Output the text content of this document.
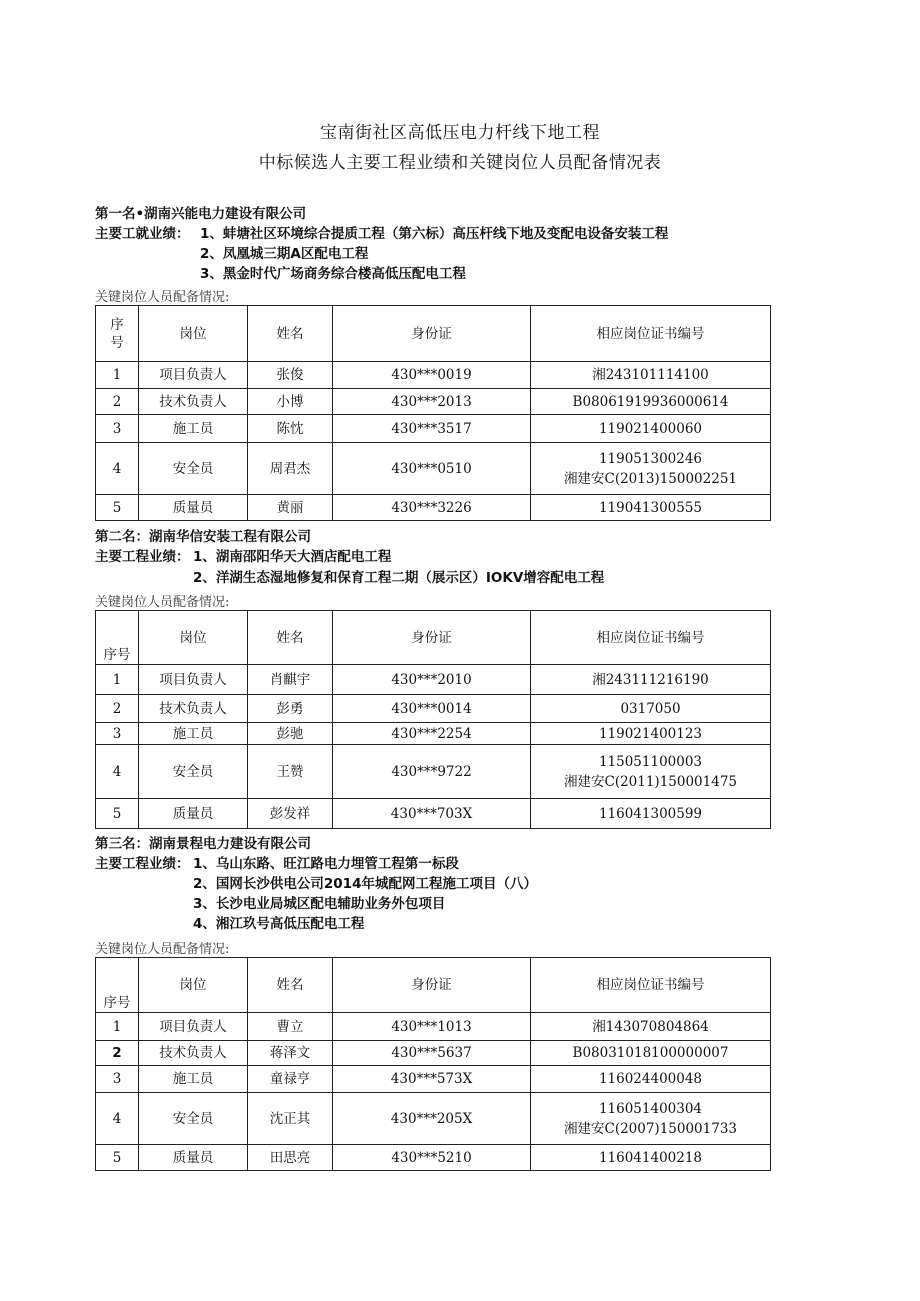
宝南街社区高低压电力杆线下地工程
中标候选人主要工程业绩和关键岗位人员配备情况表
第一名•湖南兴能电力建设有限公司
主要工就业绩： 1、蚌塘社区环境综合提质工程（第六标）高压杆线下地及变配电设备安装工程
2、凤凰城三期A区配电工程
3、黑金时代广场商务综合楼高低压配电工程
关键岗位人员配备情况:
序
号	岗位	姓名	身份证	相应岗位证书编号
1	项目负责人	张俊	430***0019	湘243101114100
2	技术负责人	小博	430***2013	B08061919936000614
3	施工员	陈忱	430***3517	119021400060
4	安全员	周君杰	430***0510	119051300246
湘建安C(2013)150002251

5	质量员	黄丽	430***3226	119041300555
第二名：湖南华信安装工程有限公司
主要工程业绩： 1、湖南邵阳华天大酒店配电工程
2、洋湖生态湿地修复和保育工程二期（展示区）IOKV增容配电工程
关键岗位人员配备情况:
序号	岗位	姓名	身份证	相应岗位证书编号
1	项目负责人	肖麒宇	430***2010	湘243111216190
2	技术负责人	彭勇	430***0014	0317050
3	施工员	彭驰	430***2254	119021400123
4	安全员	王赞	430***9722	115051100003
湘建安C(2011)150001475

5	质量员	彭发祥	430***703X	116041300599
第三名：湖南景程电力建设有限公司
主要工程业绩： 1、乌山东路、旺江路电力埋管工程第一标段
2、国网长沙供电公司2014年城配网工程施工项目（八）
3、长沙电业局城区配电辅助业务外包项目
4、湘江玖号高低压配电工程
关键岗位人员配备情况:
序号	岗位	姓名	身份证	相应岗位证书编号
1	项目负责人	曹立	430***1013	湘143070804864
2	技术负责人	蒋泽文	430***5637	B08031018100000007
3	施工员	童禄亨	430***573X	116024400048
4	安全员	沈正其	430***205X	116051400304
湘建安C(2007)150001733

5	质量员	田思亮	430***5210	116041400218
